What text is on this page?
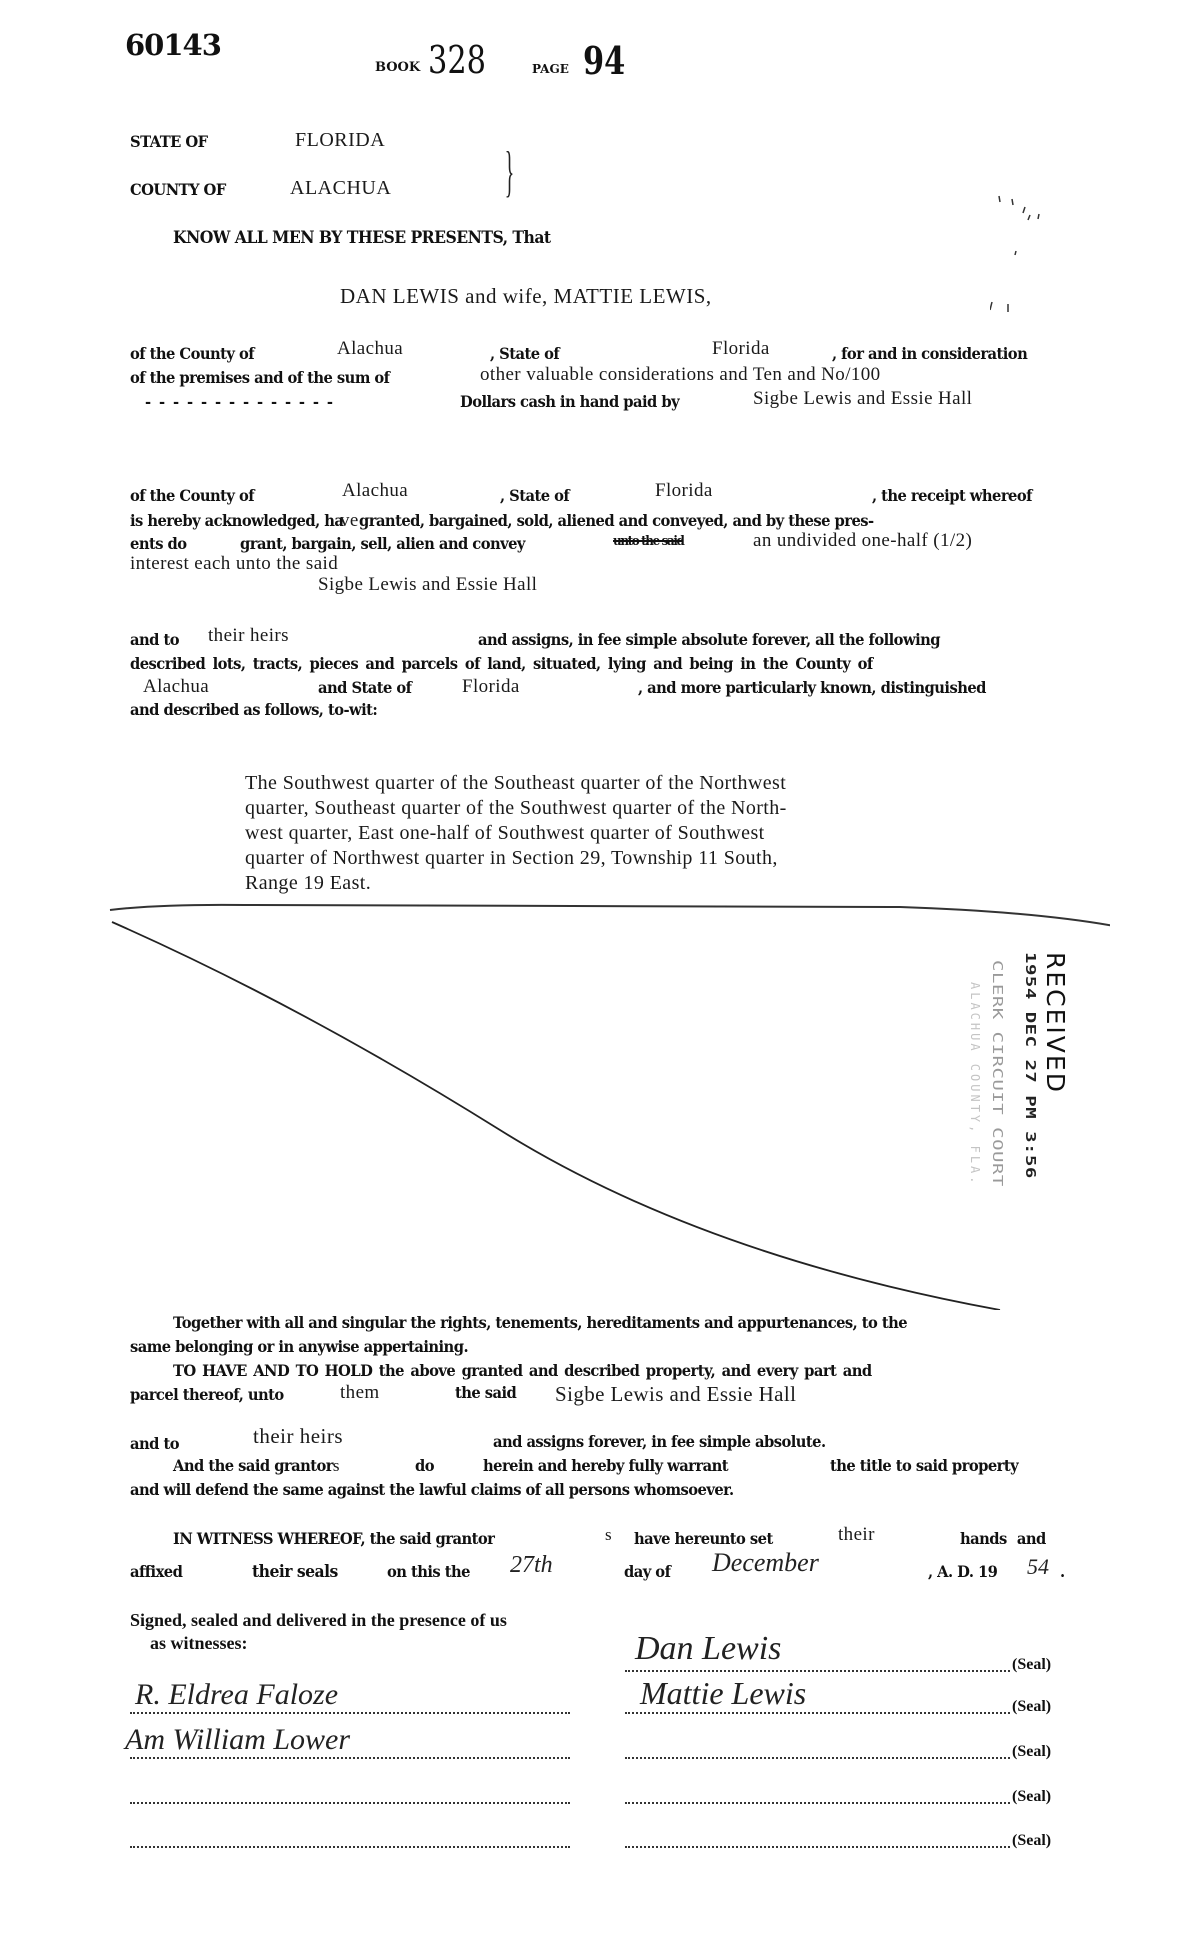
60143
BOOK 328	PAGE 94
STATE OF	FLORIDA
COUNTY OF	ALACHUA }
KNOW ALL MEN BY THESE PRESENTS, That
DAN LEWIS and wife, MATTIE LEWIS,
of the County of	Alachua	, State of	Florida	, for and in consideration
of the premises and of the sum of	other valuable considerations and Ten and No/100
- - - - - - - - - - - - - -	Dollars cash in hand paid by	Sigbe Lewis and Essie Hall
of the County of	Alachua	, State of	Florida	, the receipt whereof
is hereby acknowledged, havegranted, bargained, sold, aliened and conveyed, and by these pres-
ents do	grant, bargain, sell, alien and convey	unto the said	an undivided one-half (1/2)
interest each unto the said
Sigbe Lewis and Essie Hall
and to their heirs	and assigns, in fee simple absolute forever, all the following
described lots, tracts, pieces and parcels of land, situated, lying and being in the County of
Alachua	and State of	Florida	, and more particularly known, distinguished
and described as follows, to-wit:
The Southwest quarter of the Southeast quarter of the Northwest
quarter, Southeast quarter of the Southwest quarter of the North-
west quarter, East one-half of Southwest quarter of Southwest
quarter of Northwest quarter in Section 29, Township 11 South,
Range 19 East.
RECEIVED
1954 DEC 27 PM 3:56
CLERK CIRCUIT COURT
ALACHUA COUNTY, FLA.
Together with all and singular the rights, tenements, hereditaments and appurtenances, to the
same belonging or in anywise appertaining.
TO HAVE AND TO HOLD the above granted and described property, and every part and
parcel thereof, unto	them	the said Sigbe Lewis and Essie Hall
and to	their heirs	and assigns forever, in fee simple absolute.
And the said grantors	do	herein and hereby fully warrant	the title to said property
and will defend the same against the lawful claims of all persons whomsoever.
IN WITNESS WHEREOF, the said grantor	s have hereunto set	their	hands and
affixed	their seals	on this the 27th	day of December	, A. D. 19 54 .
Signed, sealed and delivered in the presence of us
as witnesses:
R. Eldrea Faloze
Am William Lower
Dan Lewis
Mattie Lewis
(Seal)
(Seal)
(Seal)
(Seal)
(Seal)
